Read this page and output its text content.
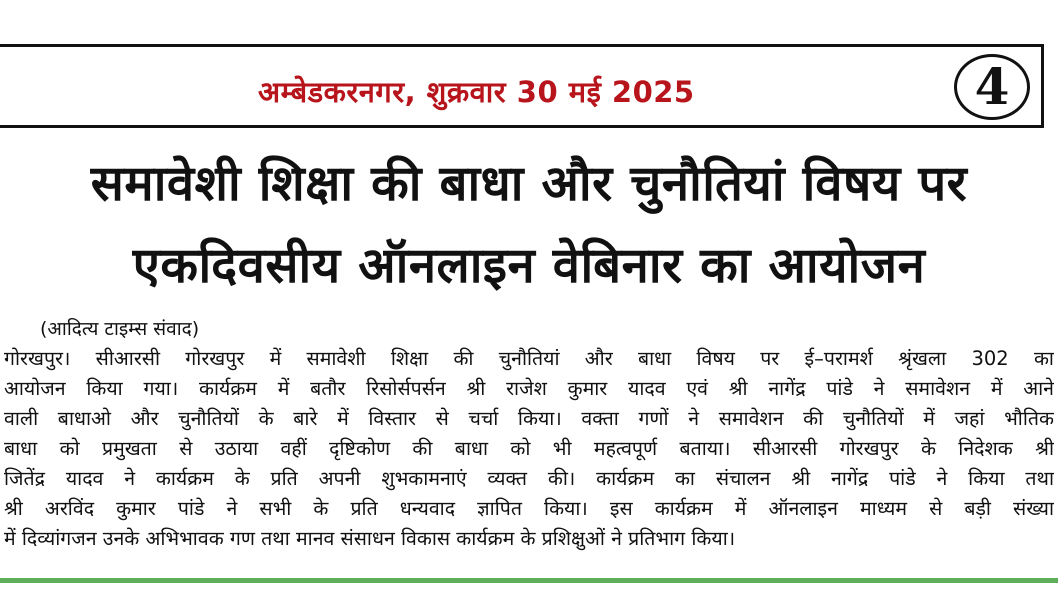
अम्बेडकरनगर, शुक्रवार 30 मई 2025	4
समावेशी शिक्षा की बाधा और चुनौतियां विषय पर
एकदिवसीय ऑनलाइन वेबिनार का आयोजन
(आदित्य टाइम्स संवाद)
गोरखपुर। सीआरसी गोरखपुर में समावेशी शिक्षा की चुनौतियां और बाधा विषय पर ई–परामर्श श्रृंखला 302 का
आयोजन किया गया। कार्यक्रम में बतौर रिसोर्सपर्सन श्री राजेश कुमार यादव एवं श्री नागेंद्र पांडे ने समावेशन में आने
वाली बाधाओ और चुनौतियों के बारे में विस्तार से चर्चा किया। वक्ता गणों ने समावेशन की चुनौतियों में जहां भौतिक
बाधा को प्रमुखता से उठाया वहीं दृष्टिकोण की बाधा को भी महत्वपूर्ण बताया। सीआरसी गोरखपुर के निदेशक श्री
जितेंद्र यादव ने कार्यक्रम के प्रति अपनी शुभकामनाएं व्यक्त की। कार्यक्रम का संचालन श्री नागेंद्र पांडे ने किया तथा
श्री अरविंद कुमार पांडे ने सभी के प्रति धन्यवाद ज्ञापित किया। इस कार्यक्रम में ऑनलाइन माध्यम से बड़ी संख्या
में दिव्यांगजन उनके अभिभावक गण तथा मानव संसाधन विकास कार्यक्रम के प्रशिक्षुओं ने प्रतिभाग किया।
